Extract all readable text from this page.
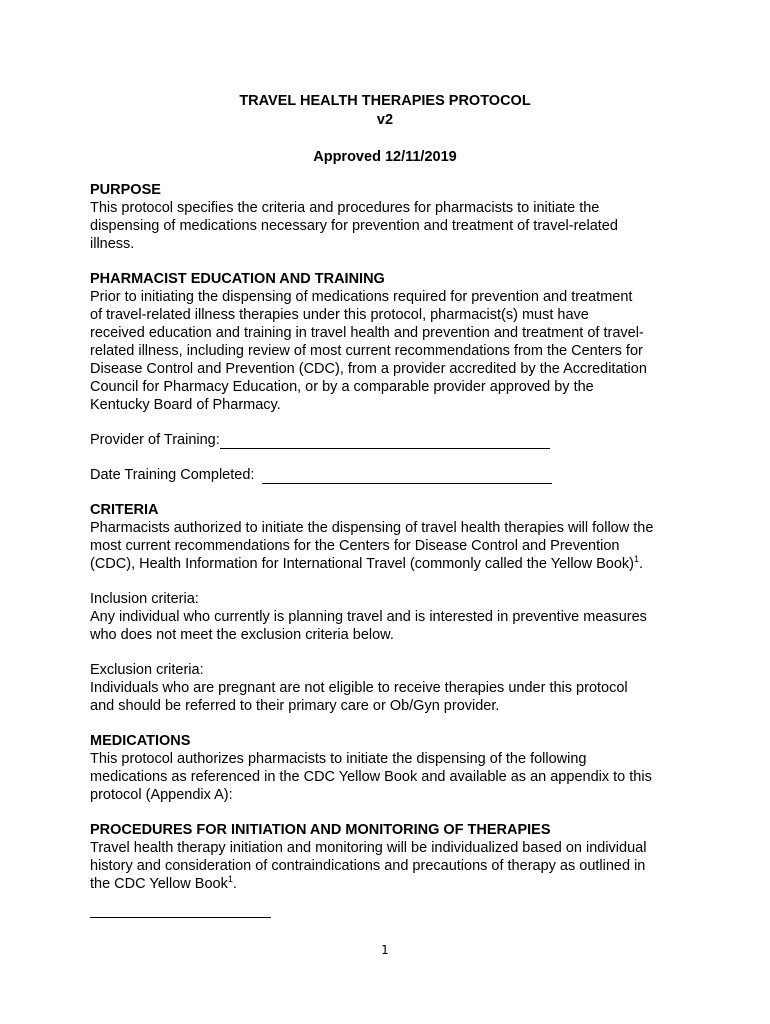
TRAVEL HEALTH THERAPIES PROTOCOL
v2
Approved 12/11/2019
PURPOSE
This protocol specifies the criteria and procedures for pharmacists to initiate the
dispensing of medications necessary for prevention and treatment of travel-related
illness.
PHARMACIST EDUCATION AND TRAINING
Prior to initiating the dispensing of medications required for prevention and treatment
of travel-related illness therapies under this protocol, pharmacist(s) must have
received education and training in travel health and prevention and treatment of travel-
related illness, including review of most current recommendations from the Centers for
Disease Control and Prevention (CDC), from a provider accredited by the Accreditation
Council for Pharmacy Education, or by a comparable provider approved by the
Kentucky Board of Pharmacy.
Provider of Training:
Date Training Completed:
CRITERIA
Pharmacists authorized to initiate the dispensing of travel health therapies will follow the
most current recommendations for the Centers for Disease Control and Prevention
(CDC), Health Information for International Travel (commonly called the Yellow Book)$^1$.
Inclusion criteria:
Any individual who currently is planning travel and is interested in preventive measures
who does not meet the exclusion criteria below.
Exclusion criteria:
Individuals who are pregnant are not eligible to receive therapies under this protocol
and should be referred to their primary care or Ob/Gyn provider.
MEDICATIONS
This protocol authorizes pharmacists to initiate the dispensing of the following
medications as referenced in the CDC Yellow Book and available as an appendix to this
protocol (Appendix A):
PROCEDURES FOR INITIATION AND MONITORING OF THERAPIES
Travel health therapy initiation and monitoring will be individualized based on individual
history and consideration of contraindications and precautions of therapy as outlined in
the CDC Yellow Book$^1$.
1
